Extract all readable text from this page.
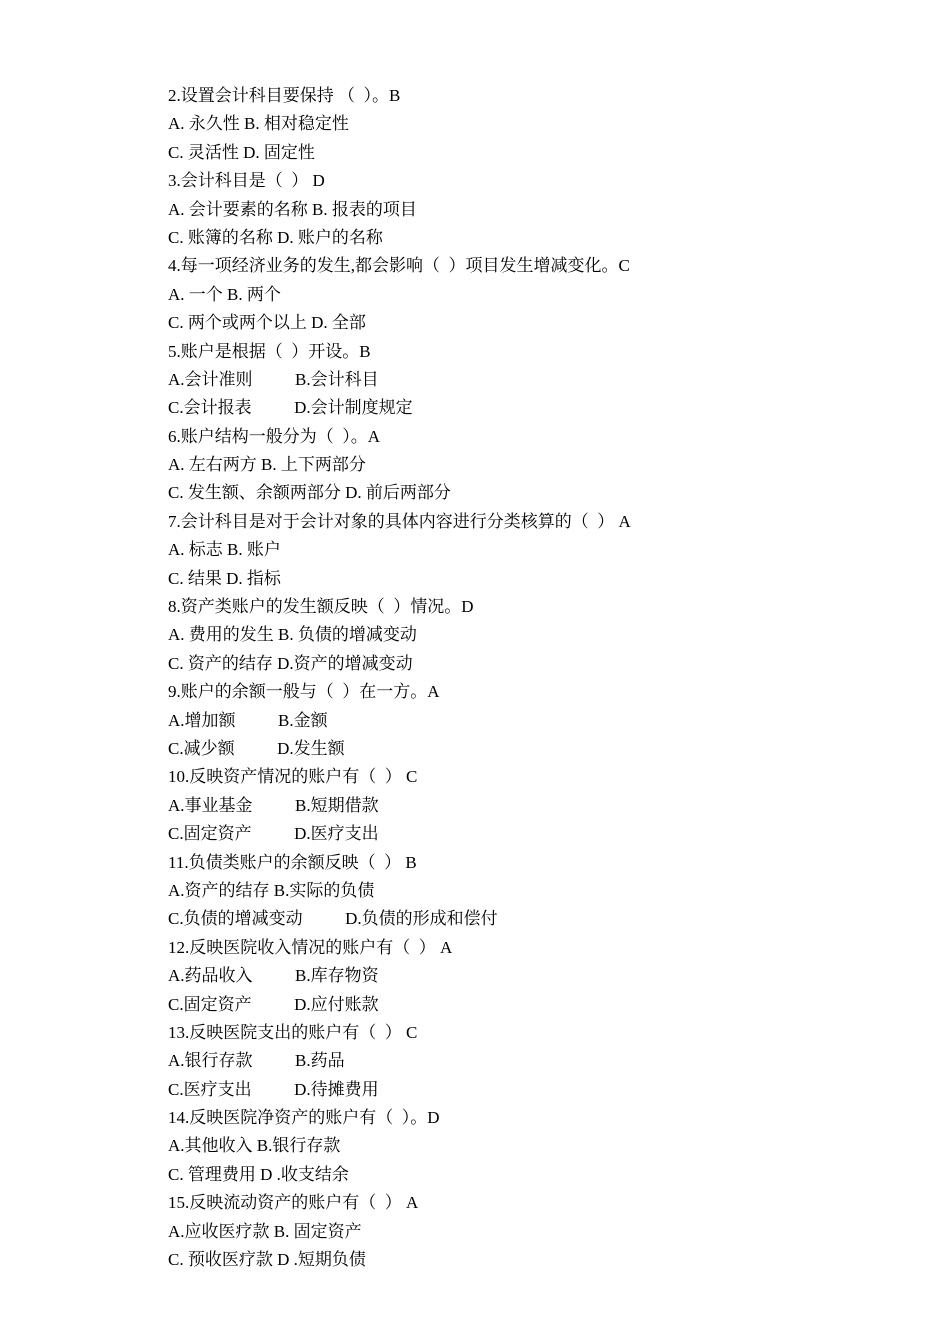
2.设置会计科目要保持 （  ）。B
A. 永久性 B. 相对稳定性
C. 灵活性 D. 固定性
3.会计科目是（  ） D
A. 会计要素的名称 B. 报表的项目
C. 账簿的名称 D. 账户的名称
4.每一项经济业务的发生,都会影响（  ）项目发生增减变化。C
A. 一个 B. 两个
C. 两个或两个以上 D. 全部
5.账户是根据（  ）开设。B
A.会计准则          B.会计科目
C.会计报表          D.会计制度规定
6.账户结构一般分为（  ）。A
A. 左右两方 B. 上下两部分
C. 发生额、余额两部分 D. 前后两部分
7.会计科目是对于会计对象的具体内容进行分类核算的（  ） A
A. 标志 B. 账户
C. 结果 D. 指标
8.资产类账户的发生额反映（  ）情况。D
A. 费用的发生 B. 负债的增减变动
C. 资产的结存 D.资产的增减变动
9.账户的余额一般与（  ）在一方。A
A.增加额          B.金额
C.减少额          D.发生额
10.反映资产情况的账户有（  ） C
A.事业基金          B.短期借款
C.固定资产          D.医疗支出
11.负债类账户的余额反映（  ） B
A.资产的结存 B.实际的负债
C.负债的增减变动          D.负债的形成和偿付
12.反映医院收入情况的账户有（  ） A
A.药品收入          B.库存物资
C.固定资产          D.应付账款
13.反映医院支出的账户有（  ） C
A.银行存款          B.药品
C.医疗支出          D.待摊费用
14.反映医院净资产的账户有（  ）。D
A.其他收入 B.银行存款
C. 管理费用 D .收支结余
15.反映流动资产的账户有（  ） A
A.应收医疗款 B. 固定资产
C. 预收医疗款 D .短期负债
